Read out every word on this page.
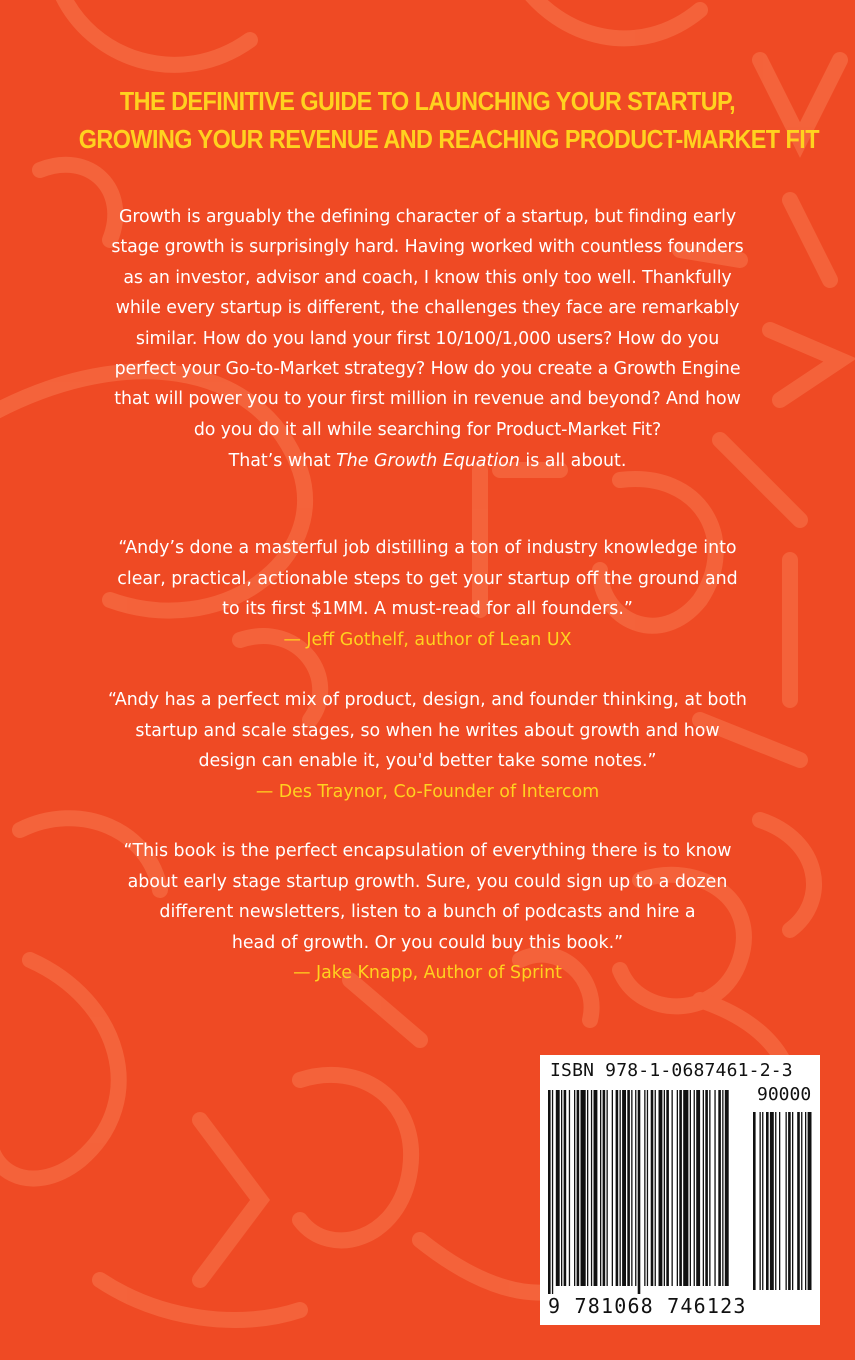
THE DEFINITIVE GUIDE TO LAUNCHING YOUR STARTUP,
GROWING YOUR REVENUE AND REACHING PRODUCT-MARKET FIT
Growth is arguably the defining character of a startup, but finding early
stage growth is surprisingly hard. Having worked with countless founders
as an investor, advisor and coach, I know this only too well. Thankfully
while every startup is different, the challenges they face are remarkably
similar. How do you land your first 10/100/1,000 users? How do you
perfect your Go-to-Market strategy? How do you create a Growth Engine
that will power you to your first million in revenue and beyond? And how
do you do it all while searching for Product-Market Fit?
That’s what The Growth Equation is all about.
“Andy’s done a masterful job distilling a ton of industry knowledge into
clear, practical, actionable steps to get your startup off the ground and
to its first $1MM. A must-read for all founders.”
— Jeff Gothelf, author of Lean UX
“Andy has a perfect mix of product, design, and founder thinking, at both
startup and scale stages, so when he writes about growth and how
design can enable it, you'd better take some notes.”
— Des Traynor, Co-Founder of Intercom
“This book is the perfect encapsulation of everything there is to know
about early stage startup growth. Sure, you could sign up to a dozen
different newsletters, listen to a bunch of podcasts and hire a
head of growth. Or you could buy this book.”
— Jake Knapp, Author of Sprint
ISBN 978-1-0687461-2-3
90000
9 781068 746123
